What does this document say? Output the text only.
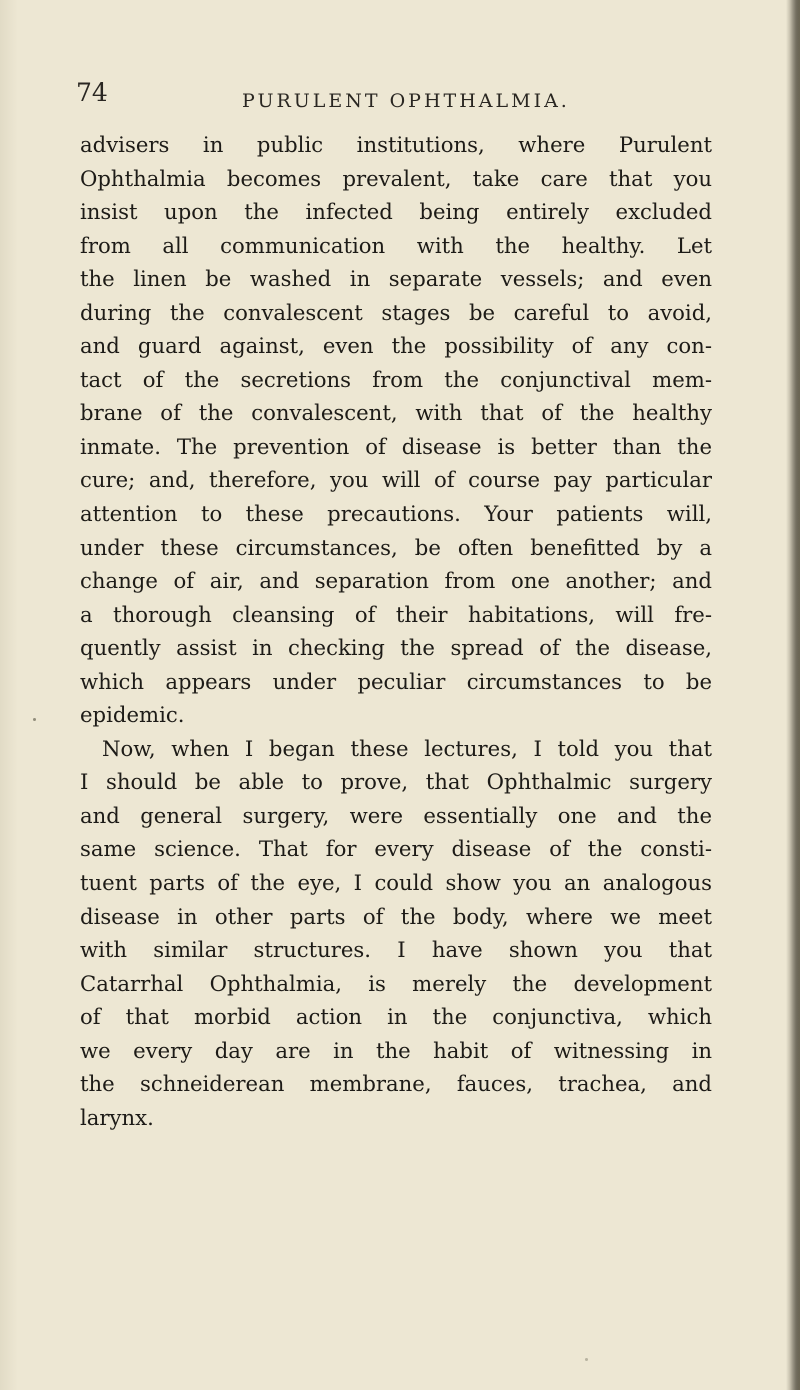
74	PURULENT OPHTHALMIA.
advisers in public institutions, where Purulent
Ophthalmia becomes prevalent, take care that you
insist upon the infected being entirely excluded
from all communication with the healthy. Let
the linen be washed in separate vessels; and even
during the convalescent stages be careful to avoid,
and guard against, even the possibility of any con-
tact of the secretions from the conjunctival mem-
brane of the convalescent, with that of the healthy
inmate. The prevention of disease is better than the
cure; and, therefore, you will of course pay particular
attention to these precautions. Your patients will,
under these circumstances, be often benefitted by a
change of air, and separation from one another; and
a thorough cleansing of their habitations, will fre-
quently assist in checking the spread of the disease,
which appears under peculiar circumstances to be
epidemic.
Now, when I began these lectures, I told you that
I should be able to prove, that Ophthalmic surgery
and general surgery, were essentially one and the
same science. That for every disease of the consti-
tuent parts of the eye, I could show you an analogous
disease in other parts of the body, where we meet
with similar structures. I have shown you that
Catarrhal Ophthalmia, is merely the development
of that morbid action in the conjunctiva, which
we every day are in the habit of witnessing in
the schneiderean membrane, fauces, trachea, and
larynx.
